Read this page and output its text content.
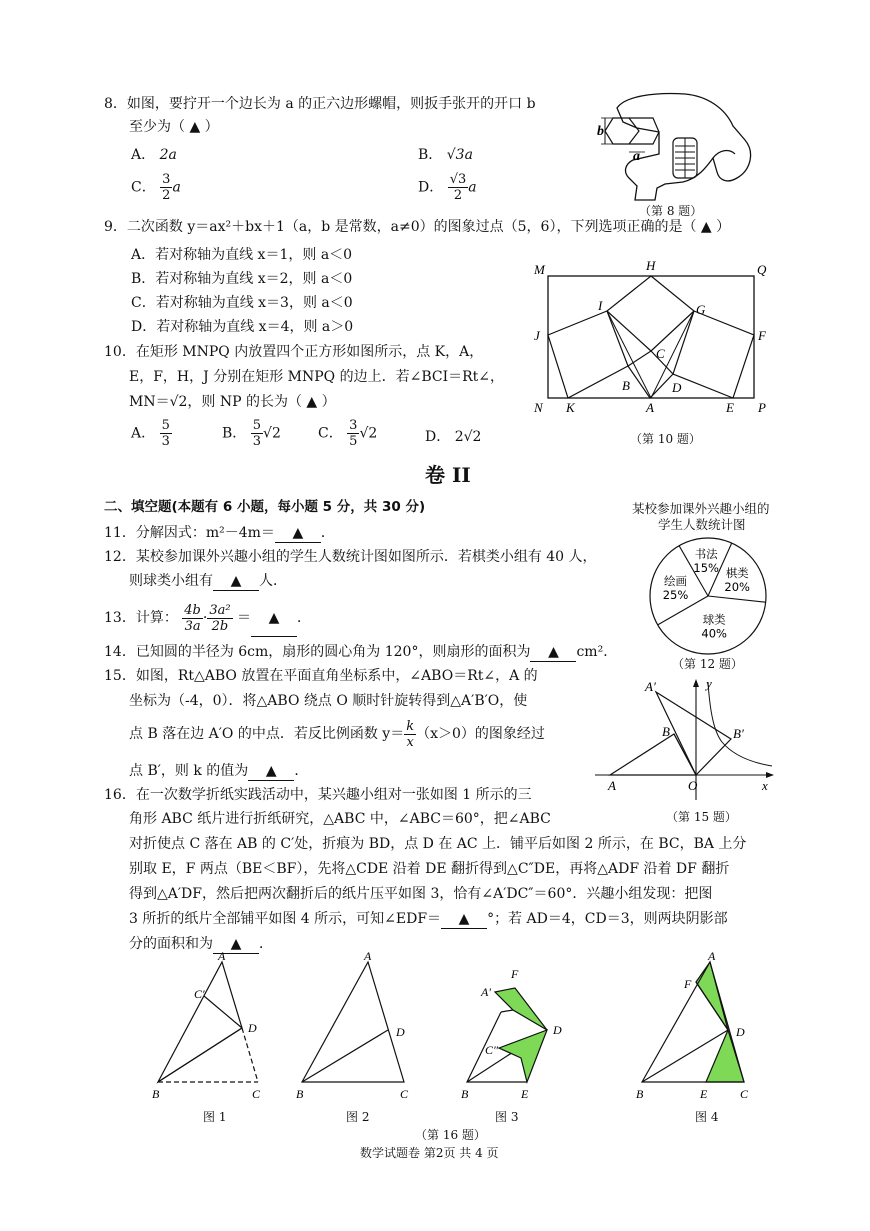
8．如图，要拧开一个边长为 a 的正六边形螺帽，则扳手张开的开口 b
至少为（ ▲ ）
A． 2a	B． √3a
C． $\frac{3}{2}$ a	D． $\frac{√3}{2}$ a
b
a
（第 8 题）
9．二次函数 y＝ax²＋bx＋1（a，b 是常数，a≠0）的图象过点（5，6），下列选项正确的是（ ▲ ）
A．若对称轴为直线 x＝1，则 a＜0
B．若对称轴为直线 x＝2，则 a＜0
C．若对称轴为直线 x＝3，则 a＜0
D．若对称轴为直线 x＝4，则 a＞0
M	H	Q
I	G
J	F
C
B	D
N K	A	E P
（第 10 题）
10．在矩形 MNPQ 内放置四个正方形如图所示，点 K，A，
E，F，H，J 分别在矩形 MNPQ 的边上．若∠BCI＝Rt∠，
MN＝√2，则 NP 的长为（ ▲ ）
A． $\frac{5}{3}$	B． $\frac{5}{3} √2$	C． $\frac{3}{5} √2$	D． 2√2
卷 II
二、填空题(本题有 6 小题，每小题 5 分，共 30 分)	某校参加课外兴趣小组的
学生人数统计图
书法
15% 棋类
20%
球类
40%
绘画
25%
（第 12 题）
11．分解因式：m²－4m＝ ▲ ．
12．某校参加课外兴趣小组的学生人数统计图如图所示．若棋类小组有 40 人，
则球类小组有 ▲ 人．
13．计算： $\frac{4b}{3a} \cdot \frac{\text{3a²}}{2b}$ ＝ ▲ ．
14．已知圆的半径为 6cm，扇形的圆心角为 120°，则扇形的面积为 ▲ cm²．
15．如图，Rt△ABO 放置在平面直角坐标系中，∠ABO＝Rt∠，A 的
坐标为（-4，0）．将△ABO 绕点 O 顺时针旋转得到△A′B′O，使
点 B 落在边 A′O 的中点．若反比例函数 $y= \frac{k}{x} (x>0)$的图象经过
点 B′，则 k 的值为 ▲ ．
A′	y
B	B′
A	O	x
（第 15 题）
16．在一次数学折纸实践活动中，某兴趣小组对一张如图 1 所示的三
角形 ABC 纸片进行折纸研究，△ABC 中，∠ABC＝60°，把∠ABC
对折使点 C 落在 AB 的 C′处，折痕为 BD，点 D 在 AC 上．铺平后如图 2 所示，在 BC，BA 上分
别取 E，F 两点（BE＜BF），先将△CDE 沿着 DE 翻折得到△C″DE，再将△ADF 沿着 DF 翻折
得到△A′DF，然后把两次翻折后的纸片压平如图 3，恰有∠A′DC″＝60°．兴趣小组发现：把图
3 所折的纸片全部铺平如图 4 所示，可知∠EDF＝ ▲ °；若 AD＝4，CD＝3，则两块阴影部
分的面积和为 ▲ ．
A
C′
D
B	C
图 1
A
D
B	C
图 2
A′
F
D
C″
B	E
图 3
A
F
D
B	E	C
图 4
（第 16 题）
数学试题卷 第2页 共 4 页
